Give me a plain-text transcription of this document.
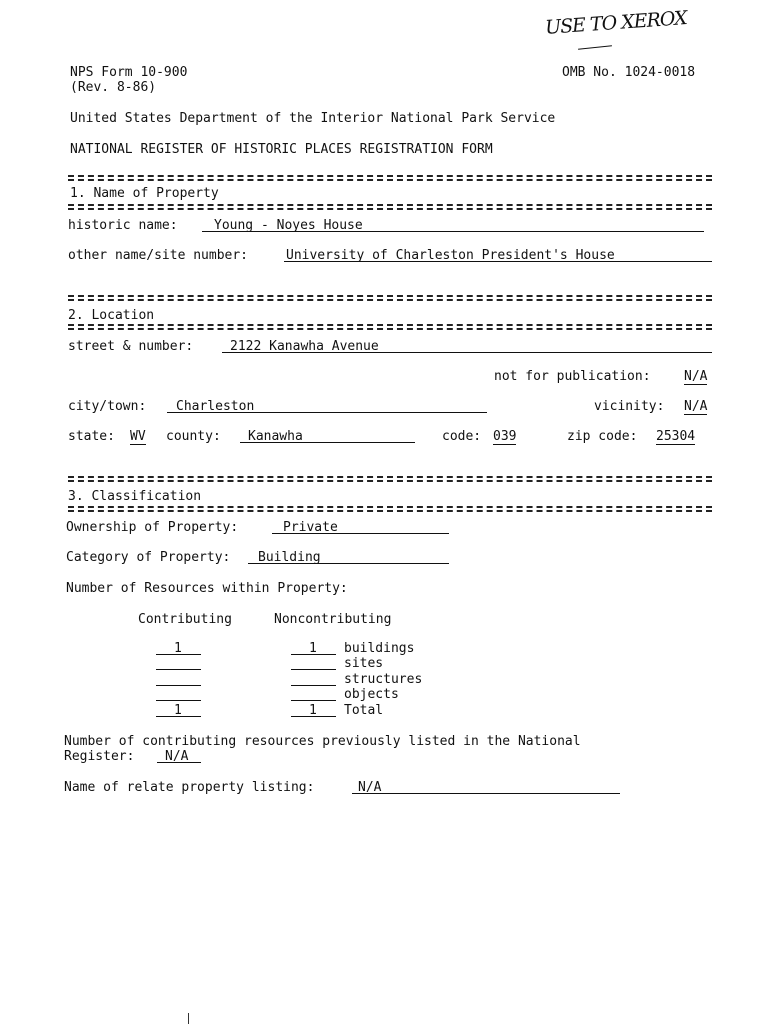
USE TO XEROX
NPS Form 10-900
(Rev. 8-86)
OMB No. 1024-0018
United States Department of the Interior National Park Service
NATIONAL REGISTER OF HISTORIC PLACES REGISTRATION FORM
1. Name of Property
historic name:	Young - Noyes House
other name/site number:	University of Charleston President's House
2. Location
street & number:	2122 Kanawha Avenue
not for publication:	N/A
city/town: Charleston	vicinity: N/A
state: WV county: Kanawha	code: 039	zip code: 25304
3. Classification
Ownership of Property:	Private
Category of Property: Building
Number of Resources within Property:
Contributing	Noncontributing
1	1 buildings
sites
structures
objects
1	1 Total
Number of contributing resources previously listed in the National
Register: N/A
Name of relate property listing:	N/A
